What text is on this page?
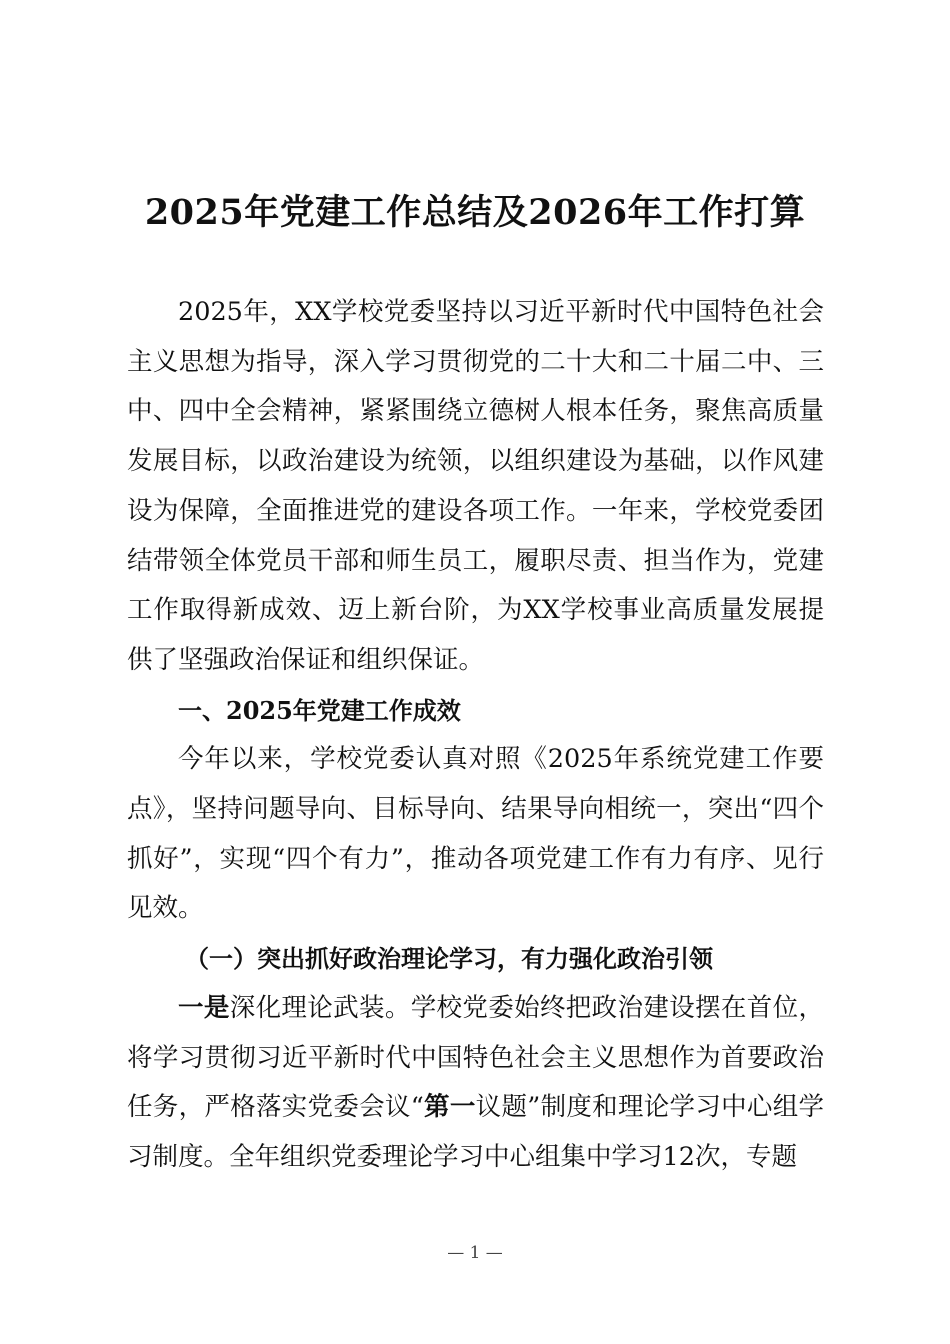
2025年党建工作总结及2026年工作打算

2025年，XX学校党委坚持以习近平新时代中国特色社会主义思想为指导，深入学习贯彻党的二十大和二十届二中、三中、四中全会精神，紧紧围绕立德树人根本任务，聚焦高质量发展目标，以政治建设为统领，以组织建设为基础，以作风建设为保障，全面推进党的建设各项工作。一年来，学校党委团结带领全体党员干部和师生员工，履职尽责、担当作为，党建工作取得新成效、迈上新台阶，为XX学校事业高质量发展提供了坚强政治保证和组织保证。

一、2025年党建工作成效

今年以来，学校党委认真对照《2025年系统党建工作要点》，坚持问题导向、目标导向、结果导向相统一，突出“四个抓好”，实现“四个有力”，推动各项党建工作有力有序、见行见效。

（一）突出抓好政治理论学习，有力强化政治引领

一是深化理论武装。学校党委始终把政治建设摆在首位，将学习贯彻习近平新时代中国特色社会主义思想作为首要政治任务，严格落实党委会议“第一议题”制度和理论学习中心组学习制度。全年组织党委理论学习中心组集中学习12次，专题

— 1 —
